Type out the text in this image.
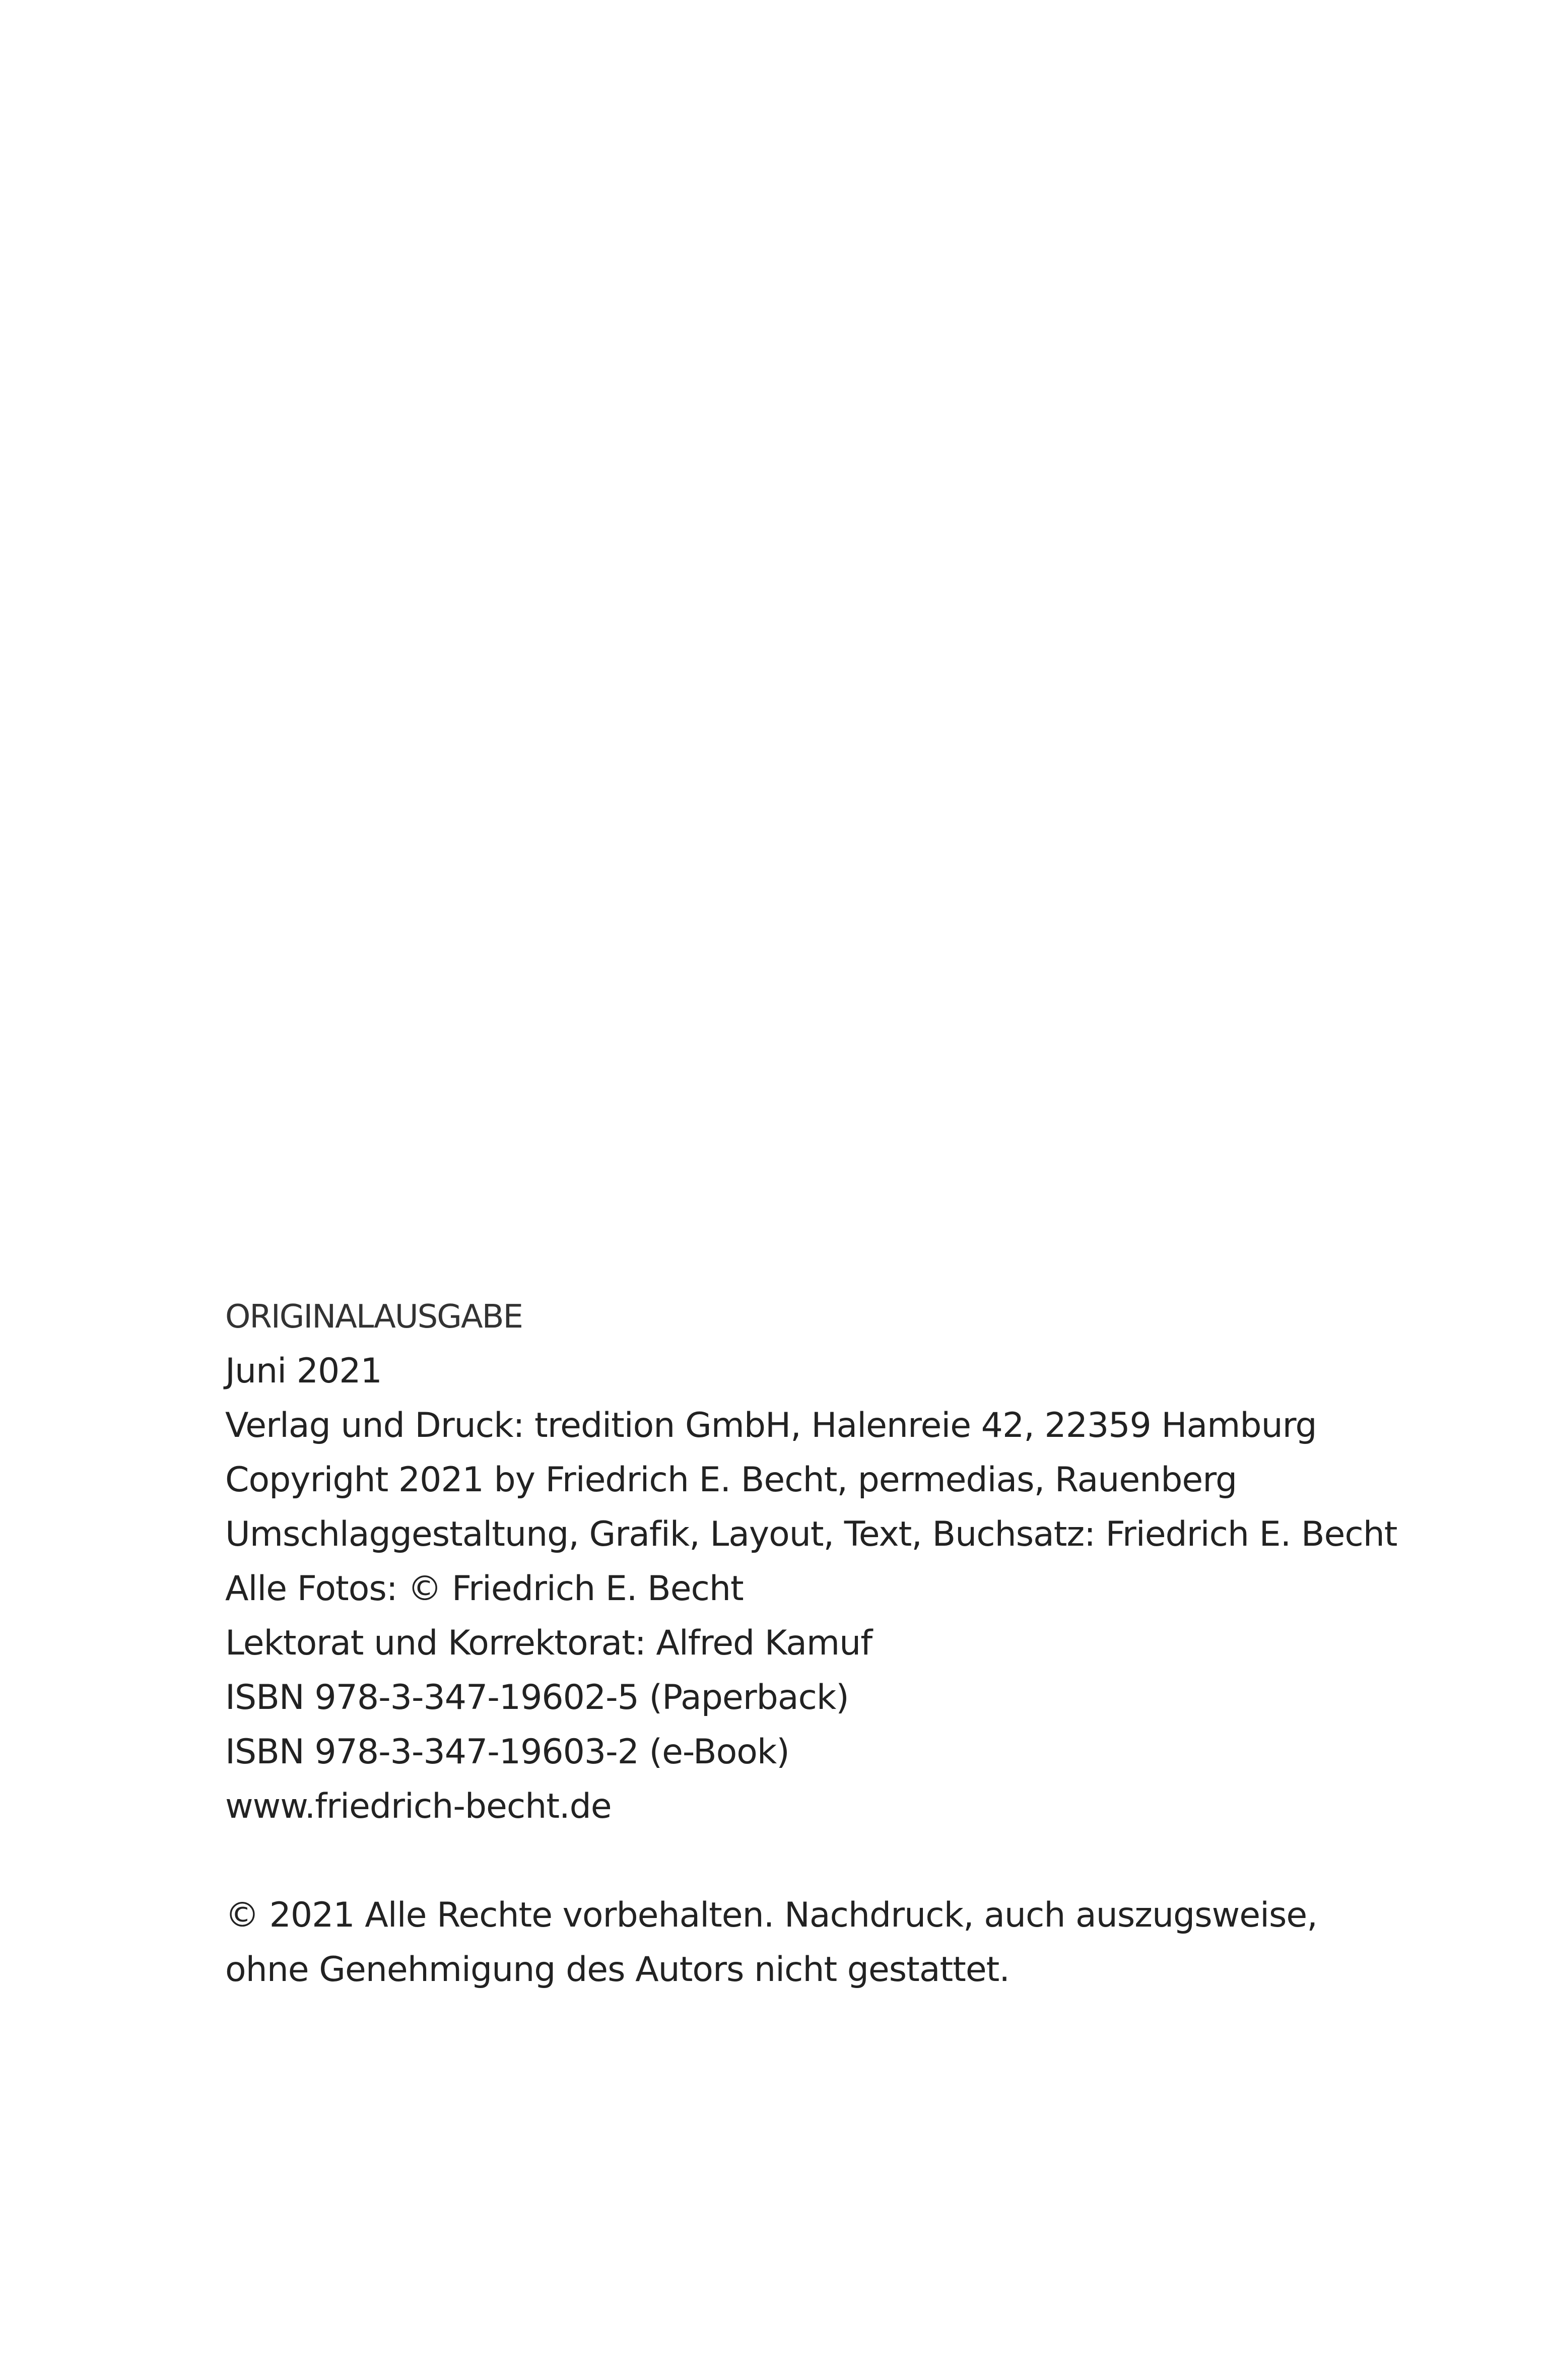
ORIGINALAUSGABE
Juni 2021
Verlag und Druck: tredition GmbH, Halenreie 42, 22359 Hamburg
Copyright 2021 by Friedrich E. Becht, permedias, Rauenberg
Umschlaggestaltung, Grafik, Layout, Text, Buchsatz: Friedrich E. Becht
Alle Fotos: © Friedrich E. Becht
Lektorat und Korrektorat: Alfred Kamuf
ISBN 978-3-347-19602-5 (Paperback)
ISBN 978-3-347-19603-2 (e-Book)
www.friedrich-becht.de
© 2021 Alle Rechte vorbehalten. Nachdruck, auch auszugsweise,
ohne Genehmigung des Autors nicht gestattet.
